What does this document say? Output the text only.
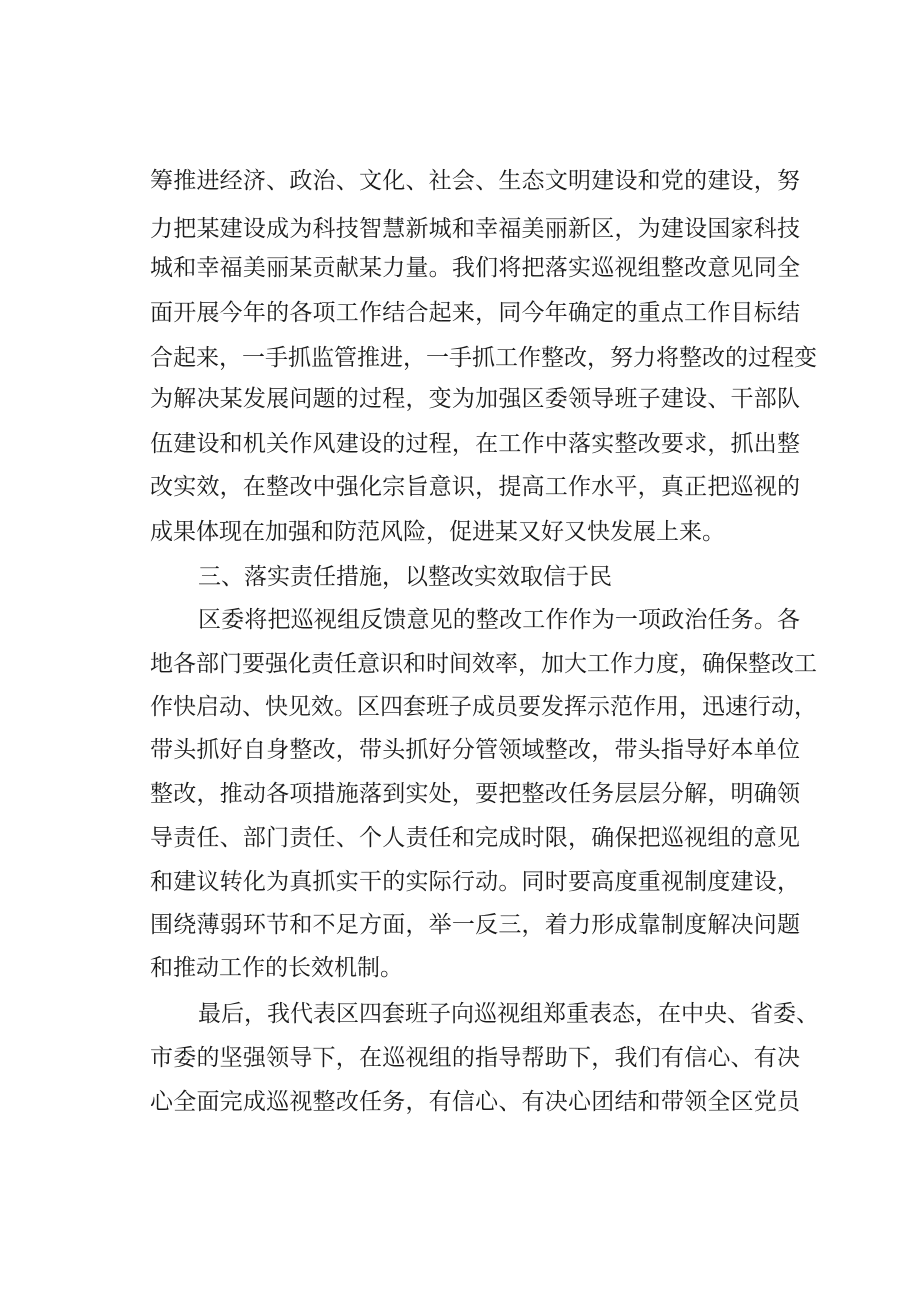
筹推进经济、政治、文化、社会、生态文明建设和党的建设，努
力把某建设成为科技智慧新城和幸福美丽新区，为建设国家科技
城和幸福美丽某贡献某力量。我们将把落实巡视组整改意见同全
面开展今年的各项工作结合起来，同今年确定的重点工作目标结
合起来，一手抓监管推进，一手抓工作整改，努力将整改的过程变
为解决某发展问题的过程，变为加强区委领导班子建设、干部队
伍建设和机关作风建设的过程，在工作中落实整改要求，抓出整
改实效，在整改中强化宗旨意识，提高工作水平，真正把巡视的
成果体现在加强和防范风险，促进某又好又快发展上来。
三、落实责任措施，以整改实效取信于民
区委将把巡视组反馈意见的整改工作作为一项政治任务。各
地各部门要强化责任意识和时间效率，加大工作力度，确保整改工
作快启动、快见效。区四套班子成员要发挥示范作用，迅速行动，
带头抓好自身整改，带头抓好分管领域整改，带头指导好本单位
整改，推动各项措施落到实处，要把整改任务层层分解，明确领
导责任、部门责任、个人责任和完成时限，确保把巡视组的意见
和建议转化为真抓实干的实际行动。同时要高度重视制度建设，
围绕薄弱环节和不足方面，举一反三，着力形成靠制度解决问题
和推动工作的长效机制。
最后，我代表区四套班子向巡视组郑重表态，在中央、省委、
市委的坚强领导下，在巡视组的指导帮助下，我们有信心、有决
心全面完成巡视整改任务，有信心、有决心团结和带领全区党员
